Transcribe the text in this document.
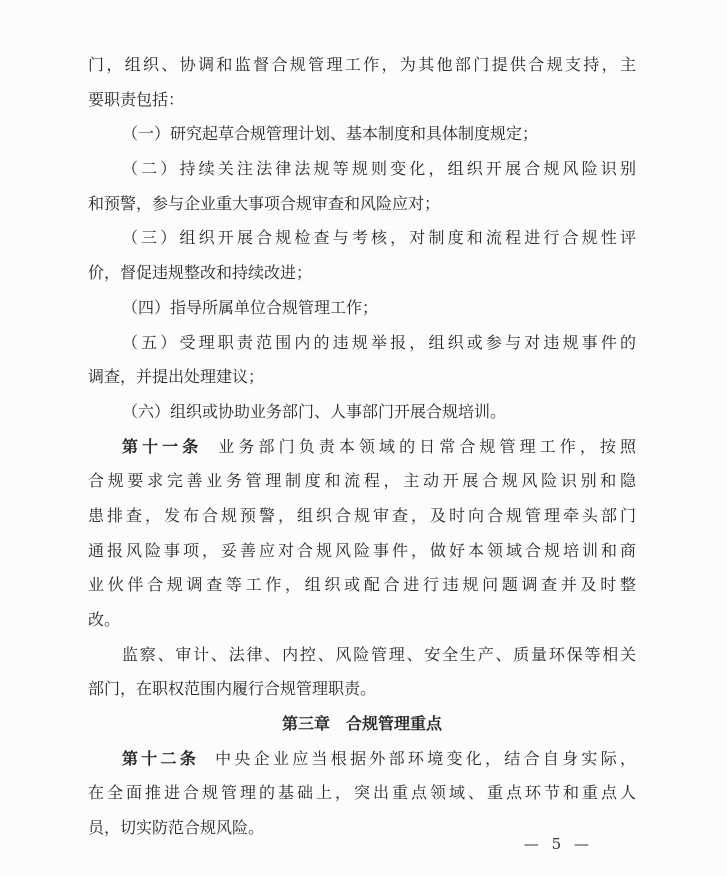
门，组织、协调和监督合规管理工作，为其他部门提供合规支持，主
要职责包括：
（一）研究起草合规管理计划、基本制度和具体制度规定；
（二）持续关注法律法规等规则变化，组织开展合规风险识别
和预警，参与企业重大事项合规审查和风险应对；
（三）组织开展合规检查与考核，对制度和流程进行合规性评
价，督促违规整改和持续改进；
（四）指导所属单位合规管理工作；
（五）受理职责范围内的违规举报，组织或参与对违规事件的
调查，并提出处理建议；
（六）组织或协助业务部门、人事部门开展合规培训。
第十一条 业务部门负责本领域的日常合规管理工作，按照
合规要求完善业务管理制度和流程，主动开展合规风险识别和隐
患排查，发布合规预警，组织合规审查，及时向合规管理牵头部门
通报风险事项，妥善应对合规风险事件，做好本领域合规培训和商
业伙伴合规调查等工作，组织或配合进行违规问题调查并及时整
改。
监察、审计、法律、内控、风险管理、安全生产、质量环保等相关
部门，在职权范围内履行合规管理职责。
第三章　合规管理重点
第十二条 中央企业应当根据外部环境变化，结合自身实际，
在全面推进合规管理的基础上，突出重点领域、重点环节和重点人
员，切实防范合规风险。
— 5 —
